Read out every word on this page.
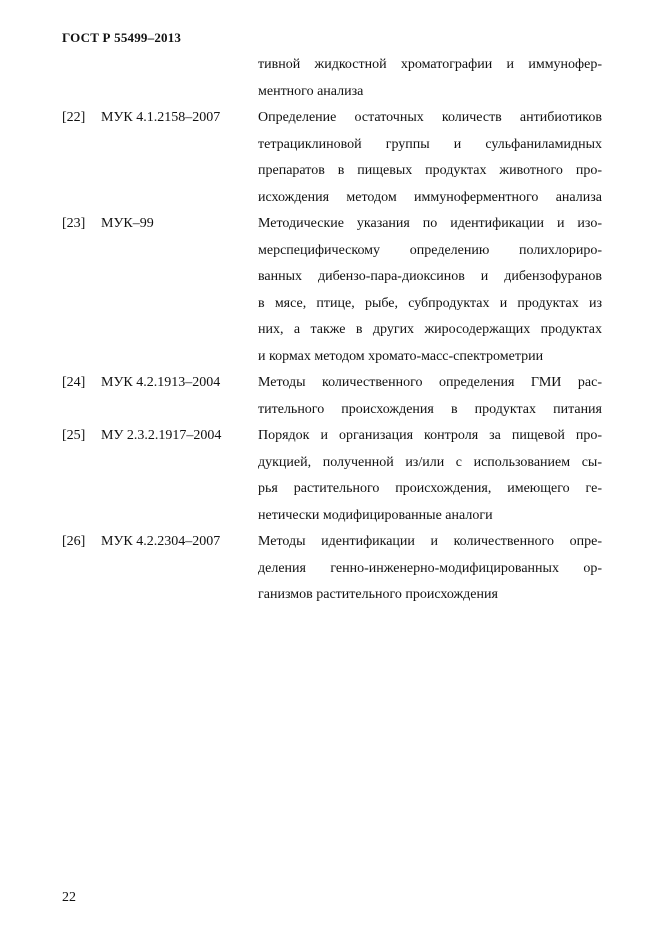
ГОСТ Р 55499–2013
тивной жидкостной хроматографии и иммунофер-
ментного анализа
[22] МУК 4.1.2158–2007	Определение остаточных количеств антибиотиков
тетрациклиновой группы и сульфаниламидных
препаратов в пищевых продуктах животного про-
исхождения методом иммуноферментного анализа
[23] МУК–99	Методические указания по идентификации и изо-
мерспецифическому определению полихлориро-
ванных дибензо-пара-диоксинов и дибензофуранов
в мясе, птице, рыбе, субпродуктах и продуктах из
них, а также в других жиросодержащих продуктах
и кормах методом хромато-масс-спектрометрии
[24] МУК 4.2.1913–2004	Методы количественного определения ГМИ рас-
тительного происхождения в продуктах питания
[25] МУ 2.3.2.1917–2004	Порядок и организация контроля за пищевой про-
дукцией, полученной из/или с использованием сы-
рья растительного происхождения, имеющего ге-
нетически модифицированные аналоги
[26] МУК 4.2.2304–2007	Методы идентификации и количественного опре-
деления генно-инженерно-модифицированных ор-
ганизмов растительного происхождения
22
